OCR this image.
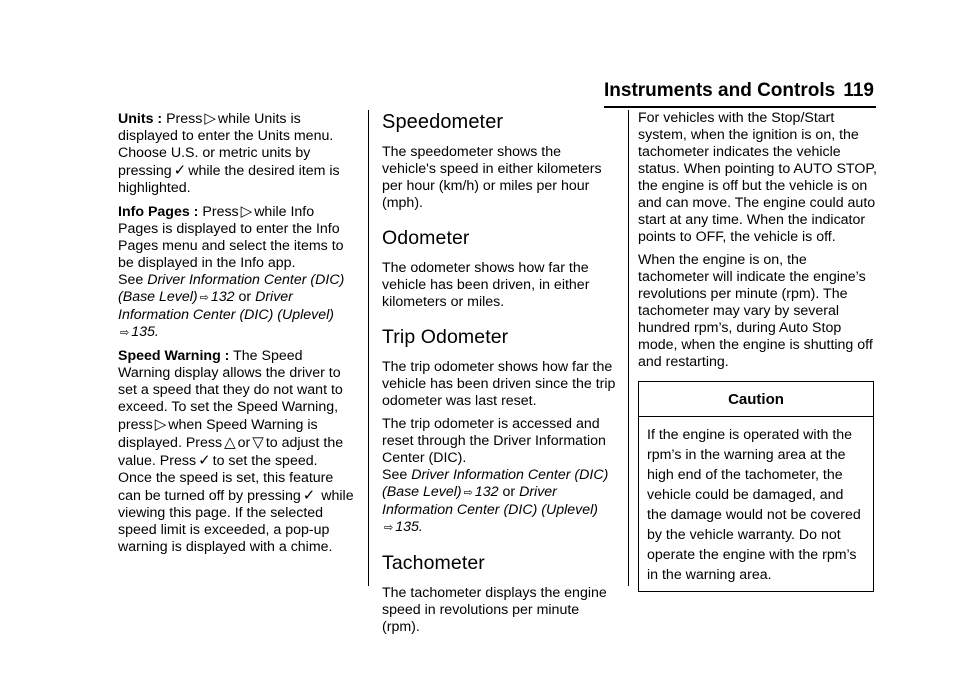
Instruments and Controls 119

Units : Press ▷ while Units is displayed to enter the Units menu. Choose U.S. or metric units by pressing ✓ while the desired item is highlighted.

Info Pages : Press ▷ while Info Pages is displayed to enter the Info Pages menu and select the items to be displayed in the Info app.
See Driver Information Center (DIC) (Base Level) ⇨ 132 or Driver Information Center (DIC) (Uplevel)
⇨ 135.

Speed Warning : The Speed Warning display allows the driver to set a speed that they do not want to exceed. To set the Speed Warning, press ▷ when Speed Warning is displayed. Press △ or ▽ to adjust the value. Press ✓ to set the speed. Once the speed is set, this feature can be turned off by pressing ✓ while viewing this page. If the selected speed limit is exceeded, a pop-up warning is displayed with a chime.

Speedometer

The speedometer shows the vehicle's speed in either kilometers per hour (km/h) or miles per hour (mph).

Odometer

The odometer shows how far the vehicle has been driven, in either kilometers or miles.

Trip Odometer

The trip odometer shows how far the vehicle has been driven since the trip odometer was last reset.

The trip odometer is accessed and reset through the Driver Information Center (DIC).
See Driver Information Center (DIC) (Base Level) ⇨ 132 or Driver Information Center (DIC) (Uplevel)
⇨ 135.

Tachometer

The tachometer displays the engine speed in revolutions per minute (rpm).

For vehicles with the Stop/Start system, when the ignition is on, the tachometer indicates the vehicle status. When pointing to AUTO STOP, the engine is off but the vehicle is on and can move. The engine could auto start at any time. When the indicator points to OFF, the vehicle is off.

When the engine is on, the tachometer will indicate the engine’s revolutions per minute (rpm). The tachometer may vary by several hundred rpm’s, during Auto Stop mode, when the engine is shutting off and restarting.

Caution

If the engine is operated with the rpm’s in the warning area at the high end of the tachometer, the vehicle could be damaged, and the damage would not be covered by the vehicle warranty. Do not operate the engine with the rpm’s in the warning area.
